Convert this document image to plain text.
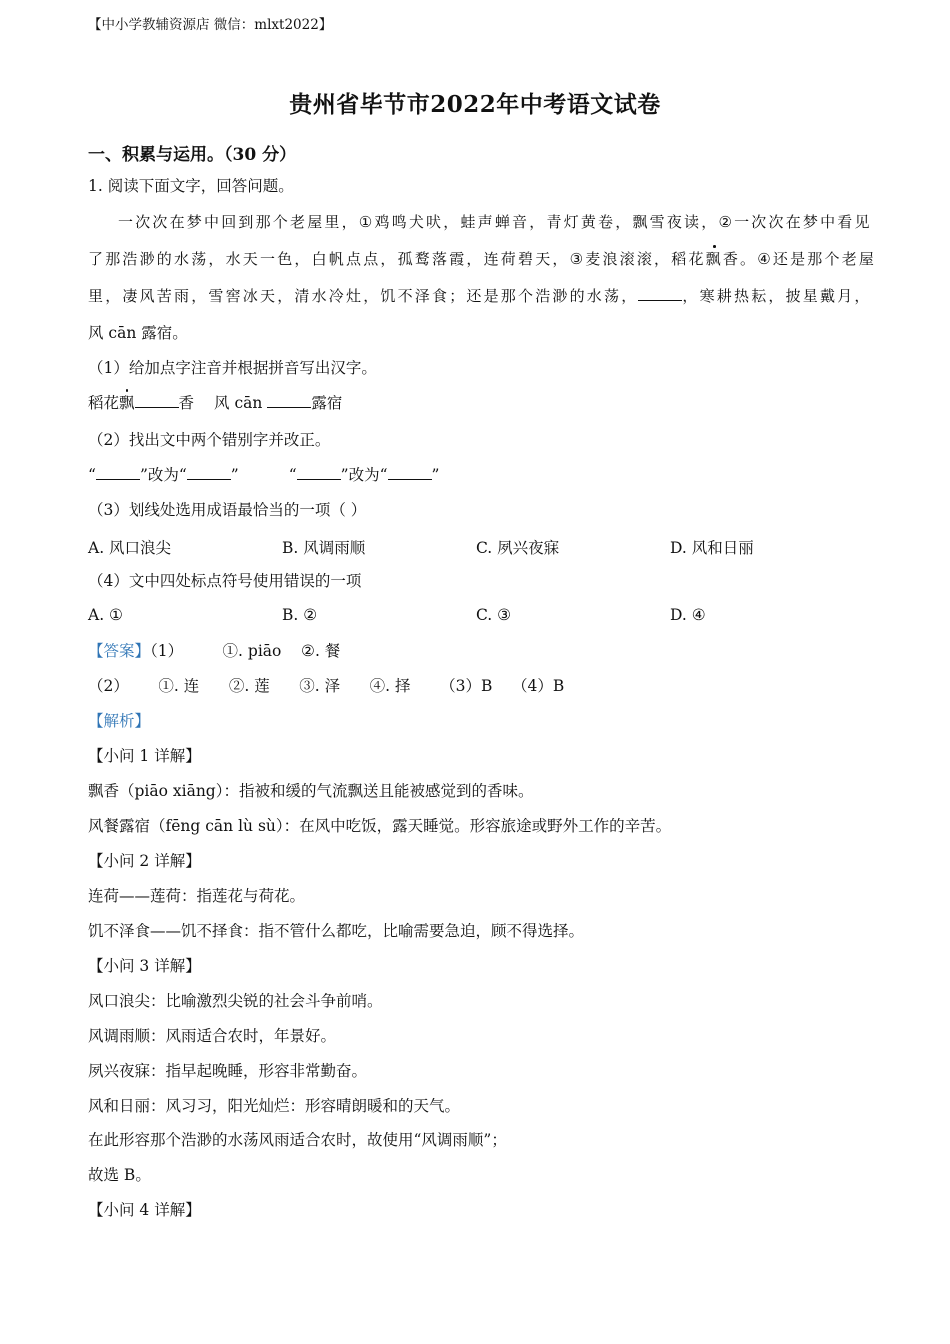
【中小学教辅资源店 微信：mlxt2022】
贵州省毕节市2022年中考语文试卷
一、积累与运用。（30 分）
1. 阅读下面文字，回答问题。
一次次在梦中回到那个老屋里，①鸡鸣犬吠，蛙声蝉音，青灯黄卷，飘雪夜读，②一次次在梦中看见
了那浩渺的水荡，水天一色，白帆点点，孤鹜落霞，连荷碧天，③麦浪滚滚，稻花飘香。④还是那个老屋
里，凄风苦雨，雪窖冰天，清水冷灶，饥不泽食；还是那个浩渺的水荡，	，寒耕热耘，披星戴月，
风 cān 露宿。
（1）给加点字注音并根据拼音写出汉字。
稻花飘	香 风 cān	露宿
（2）找出文中两个错别字并改正。
“	”改为“	”	“	”改为“	”
（3）划线处选用成语最恰当的一项（ ）
A. 风口浪尖	B. 风调雨顺	C. 夙兴夜寐	D. 风和日丽
（4）文中四处标点符号使用错误的一项
A. ①	B. ②	C. ③	D. ④
【答案】（1）        ①. piāo    ②. 餐
（2）      ①. 连      ②. 莲      ③. 泽      ④. 择      （3）B    （4）B
【解析】
【小问 1 详解】
飘香（piāo xiāng）：指被和缓的气流飘送且能被感觉到的香味。
风餐露宿（fēng cān lù sù）：在风中吃饭，露天睡觉。形容旅途或野外工作的辛苦。
【小问 2 详解】
连荷——莲荷：指莲花与荷花。
饥不泽食——饥不择食：指不管什么都吃，比喻需要急迫，顾不得选择。
【小问 3 详解】
风口浪尖：比喻激烈尖锐的社会斗争前哨。
风调雨顺：风雨适合农时，年景好。
夙兴夜寐：指早起晚睡，形容非常勤奋。
风和日丽：风习习，阳光灿烂：形容晴朗暖和的天气。
在此形容那个浩渺的水荡风雨适合农时，故使用“风调雨顺”；
故选 B。
【小问 4 详解】
